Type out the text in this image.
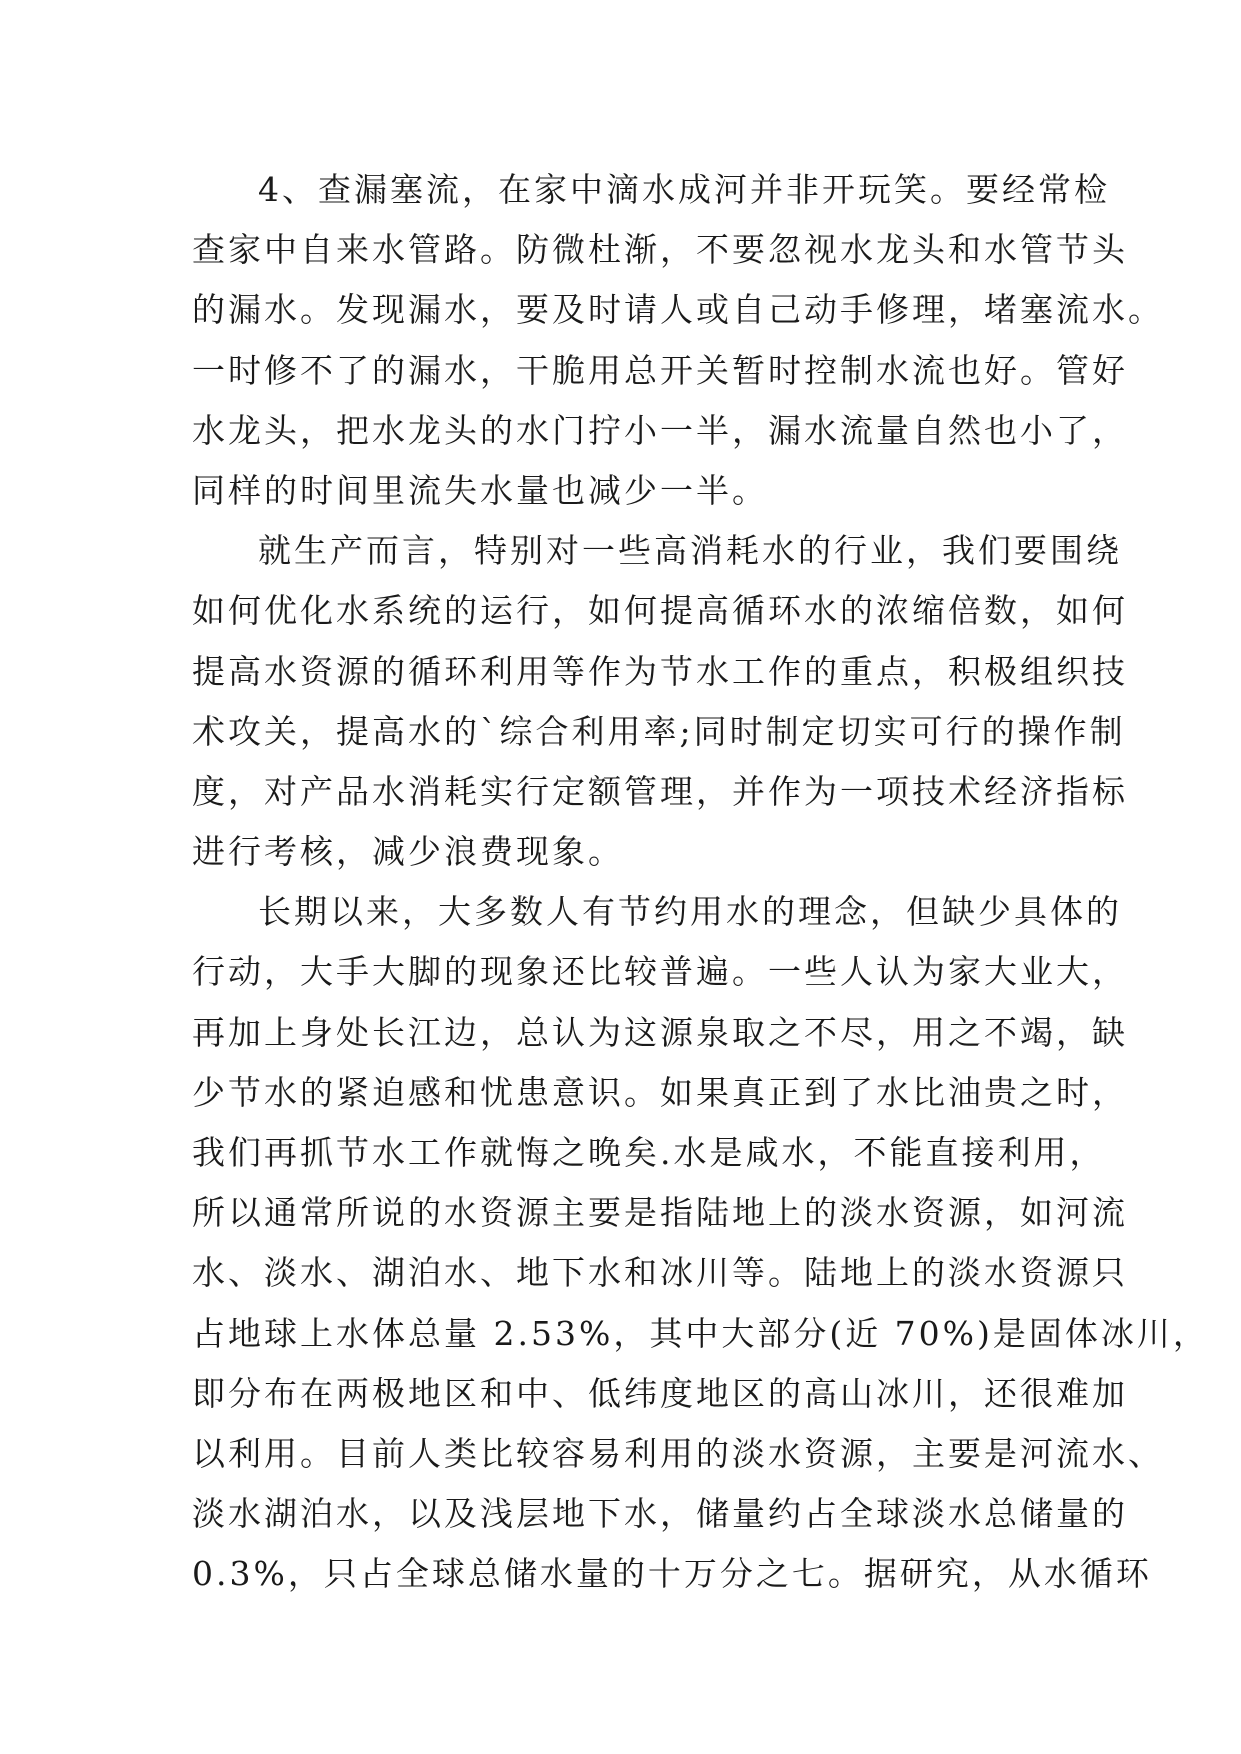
4、查漏塞流，在家中滴水成河并非开玩笑。要经常检
查家中自来水管路。防微杜渐，不要忽视水龙头和水管节头
的漏水。发现漏水，要及时请人或自己动手修理，堵塞流水。
一时修不了的漏水，干脆用总开关暂时控制水流也好。管好
水龙头，把水龙头的水门拧小一半，漏水流量自然也小了，
同样的时间里流失水量也减少一半。
就生产而言，特别对一些高消耗水的行业，我们要围绕
如何优化水系统的运行，如何提高循环水的浓缩倍数，如何
提高水资源的循环利用等作为节水工作的重点，积极组织技
术攻关，提高水的`综合利用率;同时制定切实可行的操作制
度，对产品水消耗实行定额管理，并作为一项技术经济指标
进行考核，减少浪费现象。
长期以来，大多数人有节约用水的理念，但缺少具体的
行动，大手大脚的现象还比较普遍。一些人认为家大业大，
再加上身处长江边，总认为这源泉取之不尽，用之不竭，缺
少节水的紧迫感和忧患意识。如果真正到了水比油贵之时，
我们再抓节水工作就悔之晚矣.水是咸水，不能直接利用，
所以通常所说的水资源主要是指陆地上的淡水资源，如河流
水、淡水、湖泊水、地下水和冰川等。陆地上的淡水资源只
占地球上水体总量 2.53%，其中大部分(近 70%)是固体冰川，
即分布在两极地区和中、低纬度地区的高山冰川，还很难加
以利用。目前人类比较容易利用的淡水资源，主要是河流水、
淡水湖泊水，以及浅层地下水，储量约占全球淡水总储量的
0.3%，只占全球总储水量的十万分之七。据研究，从水循环
